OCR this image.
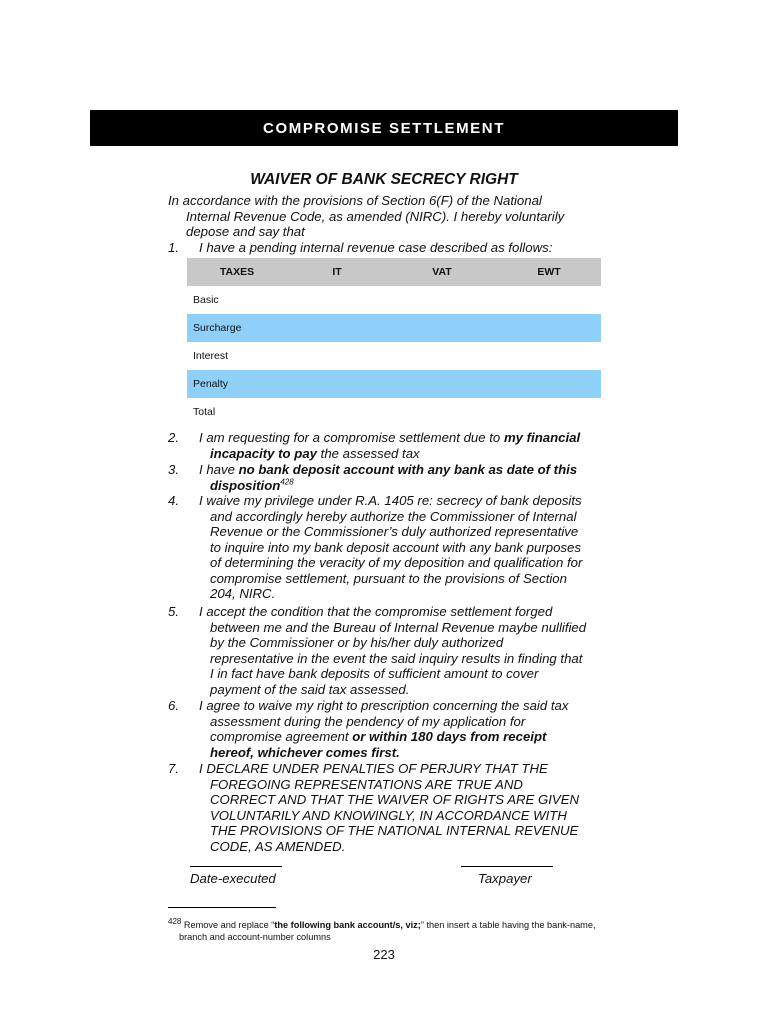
COMPROMISE SETTLEMENT
WAIVER OF BANK SECRECY RIGHT
In accordance with the provisions of Section 6(F) of the National
Internal Revenue Code, as amended (NIRC). I hereby voluntarily
depose and say that
1.	I have a pending internal revenue case described as follows:
TAXES	IT	VAT	EWT
Basic			
Surcharge			
Interest			
Penalty			
Total			
2.	I am requesting for a compromise settlement due to my financial
incapacity to pay the assessed tax
3.	I have no bank deposit account with any bank as date of this
disposition$^{428}$
4.	I waive my privilege under R.A. 1405 re: secrecy of bank deposits
and accordingly hereby authorize the Commissioner of Internal
Revenue or the Commissioner’s duly authorized representative
to inquire into my bank deposit account with any bank purposes
of determining the veracity of my deposition and qualification for
compromise settlement, pursuant to the provisions of Section
204, NIRC.
5.	I accept the condition that the compromise settlement forged
between me and the Bureau of Internal Revenue maybe nullified
by the Commissioner or by his/her duly authorized
representative in the event the said inquiry results in finding that
I in fact have bank deposits of sufficient amount to cover
payment of the said tax assessed.
6.	I agree to waive my right to prescription concerning the said tax
assessment during the pendency of my application for
compromise agreement or within 180 days from receipt
hereof, whichever comes first.
7.	I DECLARE UNDER PENALTIES OF PERJURY THAT THE
FOREGOING REPRESENTATIONS ARE TRUE AND
CORRECT AND THAT THE WAIVER OF RIGHTS ARE GIVEN
VOLUNTARILY AND KNOWINGLY, IN ACCORDANCE WITH
THE PROVISIONS OF THE NATIONAL INTERNAL REVENUE
CODE, AS AMENDED.
Date-executed	Taxpayer
$^{428}$ Remove and replace “the following bank account/s, viz;” then insert a table having the bank-name,
branch and account-number columns
223
